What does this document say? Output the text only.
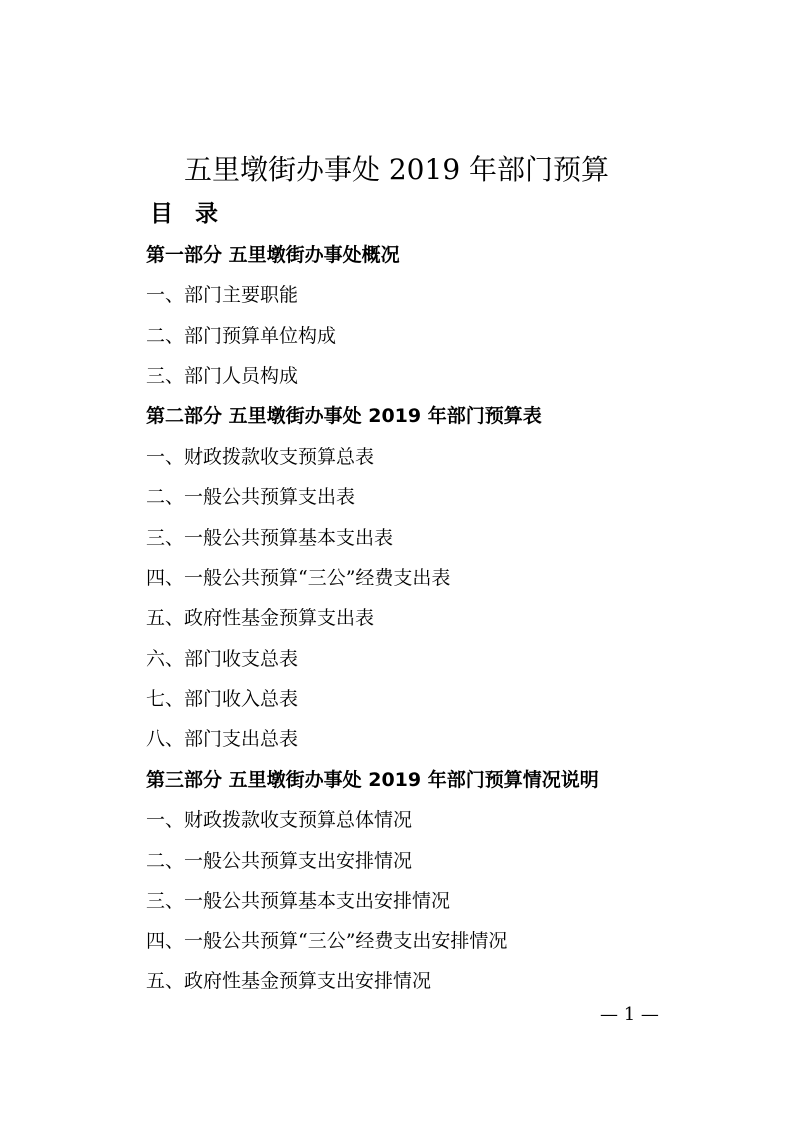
五里墩街办事处 2019 年部门预算
目录
第一部分 五里墩街办事处概况
一、部门主要职能
二、部门预算单位构成
三、部门人员构成
第二部分 五里墩街办事处 2019 年部门预算表
一、财政拨款收支预算总表
二、一般公共预算支出表
三、一般公共预算基本支出表
四、一般公共预算“三公”经费支出表
五、政府性基金预算支出表
六、部门收支总表
七、部门收入总表
八、部门支出总表
第三部分 五里墩街办事处 2019 年部门预算情况说明
一、财政拨款收支预算总体情况
二、一般公共预算支出安排情况
三、一般公共预算基本支出安排情况
四、一般公共预算“三公”经费支出安排情况
五、政府性基金预算支出安排情况
— 1 —
